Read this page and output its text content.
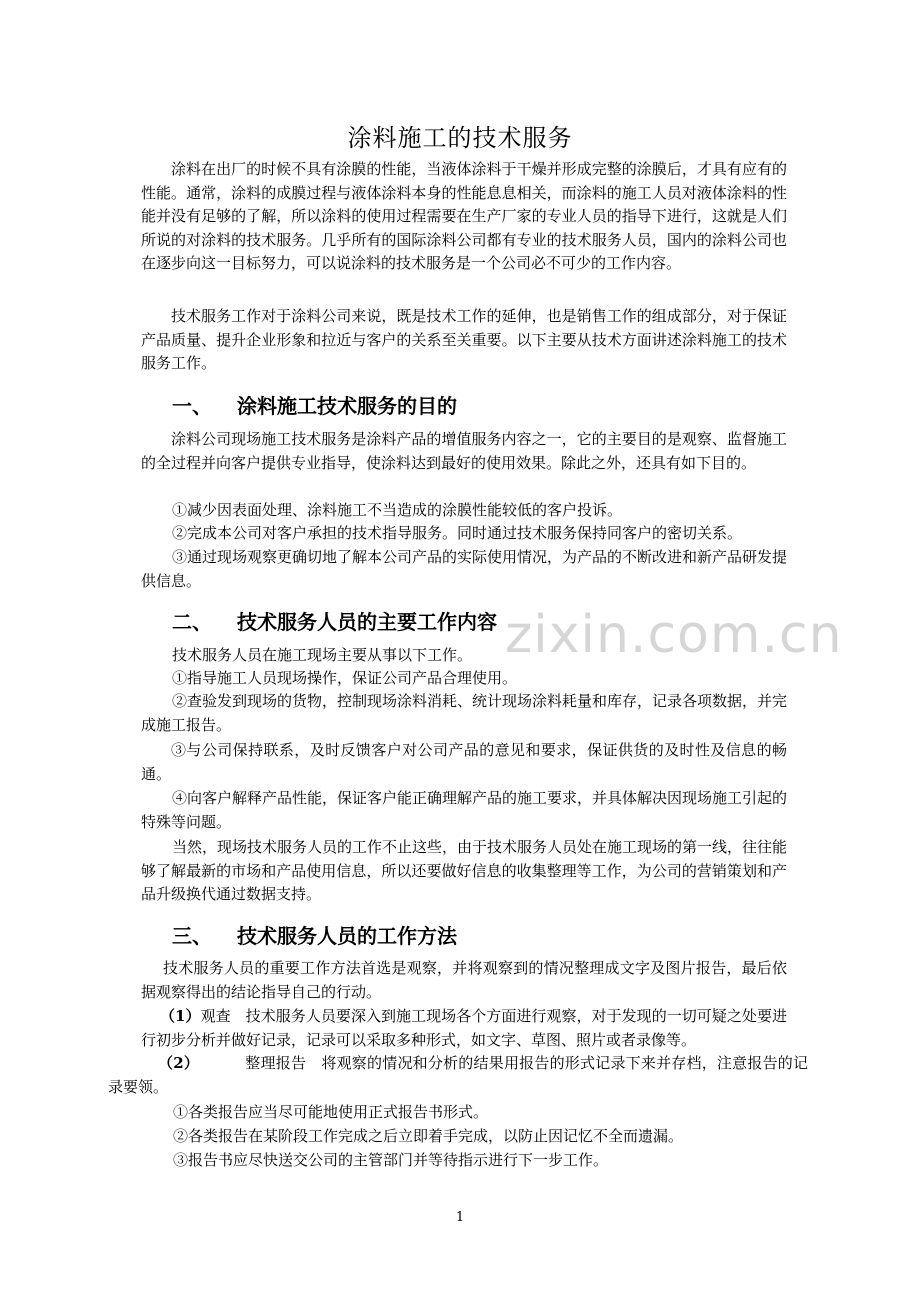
zixin.com.cn
涂料施工的技术服务

涂料在出厂的时候不具有涂膜的性能，当液体涂料于干燥并形成完整的涂膜后，才具有应有的性能。通常，涂料的成膜过程与液体涂料本身的性能息息相关，而涂料的施工人员对液体涂料的性能并没有足够的了解，所以涂料的使用过程需要在生产厂家的专业人员的指导下进行，这就是人们所说的对涂料的技术服务。几乎所有的国际涂料公司都有专业的技术服务人员，国内的涂料公司也在逐步向这一目标努力，可以说涂料的技术服务是一个公司必不可少的工作内容。

技术服务工作对于涂料公司来说，既是技术工作的延伸，也是销售工作的组成部分，对于保证产品质量、提升企业形象和拉近与客户的关系至关重要。以下主要从技术方面讲述涂料施工的技术服务工作。

一、 涂料施工技术服务的目的

涂料公司现场施工技术服务是涂料产品的增值服务内容之一，它的主要目的是观察、监督施工的全过程并向客户提供专业指导，使涂料达到最好的使用效果。除此之外，还具有如下目的。

①减少因表面处理、涂料施工不当造成的涂膜性能较低的客户投诉。

②完成本公司对客户承担的技术指导服务。同时通过技术服务保持同客户的密切关系。

③通过现场观察更确切地了解本公司产品的实际使用情况，为产品的不断改进和新产品研发提供信息。

二、 技术服务人员的主要工作内容

技术服务人员在施工现场主要从事以下工作。

①指导施工人员现场操作，保证公司产品合理使用。

②查验发到现场的货物，控制现场涂料消耗、统计现场涂料耗量和库存，记录各项数据，并完成施工报告。

③与公司保持联系，及时反馈客户对公司产品的意见和要求，保证供货的及时性及信息的畅通。

④向客户解释产品性能，保证客户能正确理解产品的施工要求，并具体解决因现场施工引起的特殊等问题。

当然，现场技术服务人员的工作不止这些，由于技术服务人员处在施工现场的第一线，往往能够了解最新的市场和产品使用信息，所以还要做好信息的收集整理等工作，为公司的营销策划和产品升级换代通过数据支持。

三、 技术服务人员的工作方法

技术服务人员的重要工作方法首选是观察，并将观察到的情况整理成文字及图片报告，最后依据观察得出的结论指导自己的行动。

（1）观查　技术服务人员要深入到施工现场各个方面进行观察，对于发现的一切可疑之处要进行初步分析并做好记录，记录可以采取多种形式，如文字、草图、照片或者录像等。

（2）	整理报告　将观察的情况和分析的结果用报告的形式记录下来并存档，注意报告的记录要领。

①各类报告应当尽可能地使用正式报告书形式。

②各类报告在某阶段工作完成之后立即着手完成，以防止因记忆不全而遗漏。

③报告书应尽快送交公司的主管部门并等待指示进行下一步工作。

1
